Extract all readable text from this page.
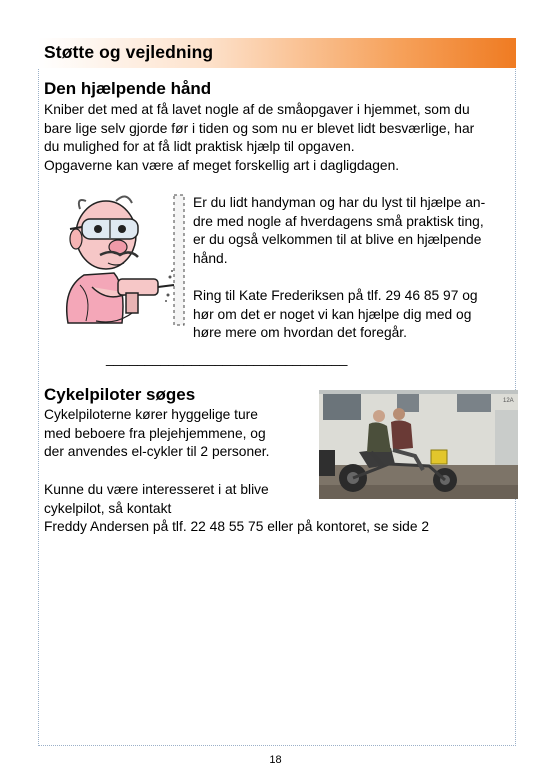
Støtte og vejledning
Den hjælpende hånd
Kniber det med at få lavet nogle af de småopgaver i hjemmet, som du
bare lige selv gjorde før i tiden og som nu er blevet lidt besværlige, har
du mulighed for at få lidt praktisk hjælp til opgaven.
Opgaverne kan være af meget forskellig art i dagligdagen.
Er du lidt handyman og har du lyst til hjælpe an-
dre med nogle af hverdagens små praktisk ting,
er du også velkommen til at blive en hjælpende
hånd.
Ring til Kate Frederiksen på tlf. 29 46 85 97 og
hør om det er noget vi kan hjælpe dig med og
høre mere om hvordan det foregår.
_______________________________
Cykelpiloter søges
Cykelpiloterne kører hyggelige ture
med beboere fra plejehjemmene, og
der anvendes el-cykler til 2 personer.
Kunne du være interesseret i at blive
cykelpilot, så kontakt
Freddy Andersen på tlf. 22 48 55 75 eller på kontoret, se side 2
12A
18
